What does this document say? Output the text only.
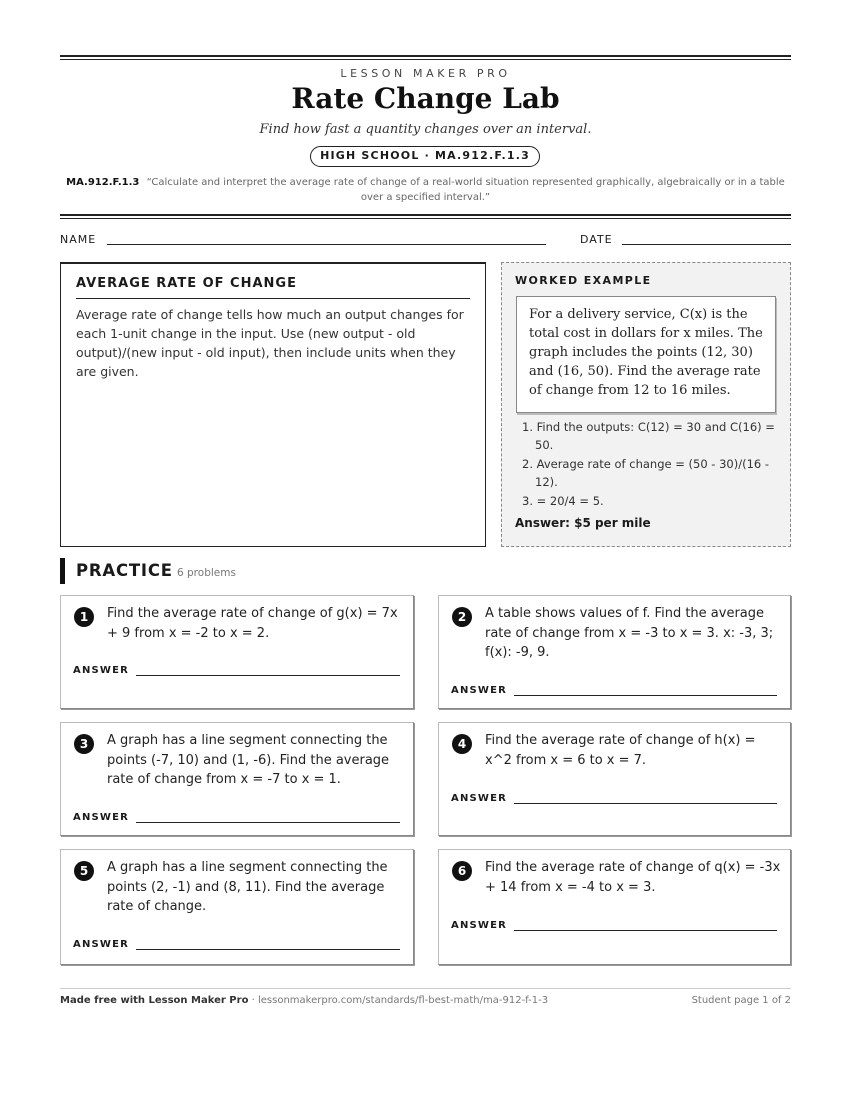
LESSON MAKER PRO
Rate Change Lab
Find how fast a quantity changes over an interval.
HIGH SCHOOL · MA.912.F.1.3
MA.912.F.1.3 “Calculate and interpret the average rate of change of a real-world situation represented graphically, algebraically or in a table over a specified interval.”
NAME	DATE
AVERAGE RATE OF CHANGE
Average rate of change tells how much an output changes for each 1-unit change in the input. Use (new output - old output)/(new input - old input), then include units when they are given.
WORKED EXAMPLE
For a delivery service, C(x) is the total cost in dollars for x miles. The graph includes the points (12, 30) and (16, 50). Find the average rate of change from 12 to 16 miles.
1. Find the outputs: C(12) = 30 and C(16) = 50.
2. Average rate of change = (50 - 30)/(16 - 12).
3. = 20/4 = 5.
Answer: $5 per mile
PRACTICE 6 problems
1	Find the average rate of change of g(x) = 7x + 9 from x = -2 to x = 2.
ANSWER
2	A table shows values of f. Find the average rate of change from x = -3 to x = 3. x: -3, 3; f(x): -9, 9.
ANSWER
3	A graph has a line segment connecting the points (-7, 10) and (1, -6). Find the average rate of change from x = -7 to x = 1.
ANSWER
4	Find the average rate of change of h(x) = x^2 from x = 6 to x = 7.
ANSWER
5	A graph has a line segment connecting the points (2, -1) and (8, 11). Find the average rate of change.
ANSWER
6	Find the average rate of change of q(x) = -3x + 14 from x = -4 to x = 3.
ANSWER
Made free with Lesson Maker Pro · lessonmakerpro.com/standards/fl-best-math/ma-912-f-1-3	Student page 1 of 2
